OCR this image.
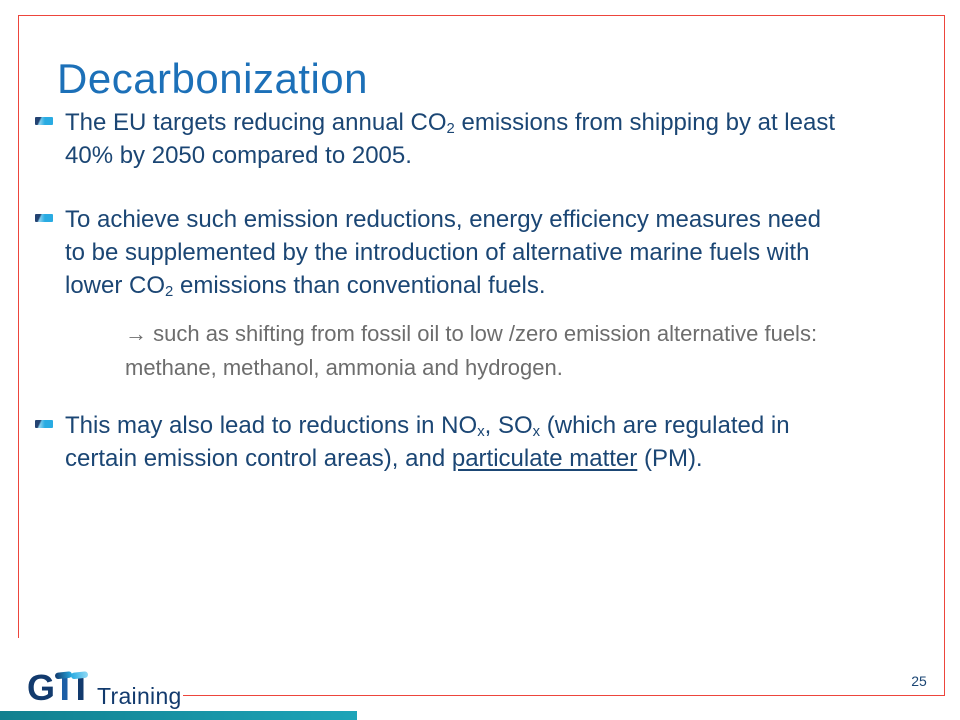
Decarbonization
The EU targets reducing annual $CO_2$ emissions from shipping by at least
40% by 2050 compared to 2005.
To achieve such emission reductions, energy efficiency measures need
to be supplemented by the introduction of alternative marine fuels with
lower $CO_2$ emissions than conventional fuels.
→ such as shifting from fossil oil to low /zero emission alternative fuels:
methane, methanol, ammonia and hydrogen.
This may also lead to reductions in $NO_x$, $SO_x$ (which are regulated in
certain emission control areas), and particulate matter (PM).
G Training
25
